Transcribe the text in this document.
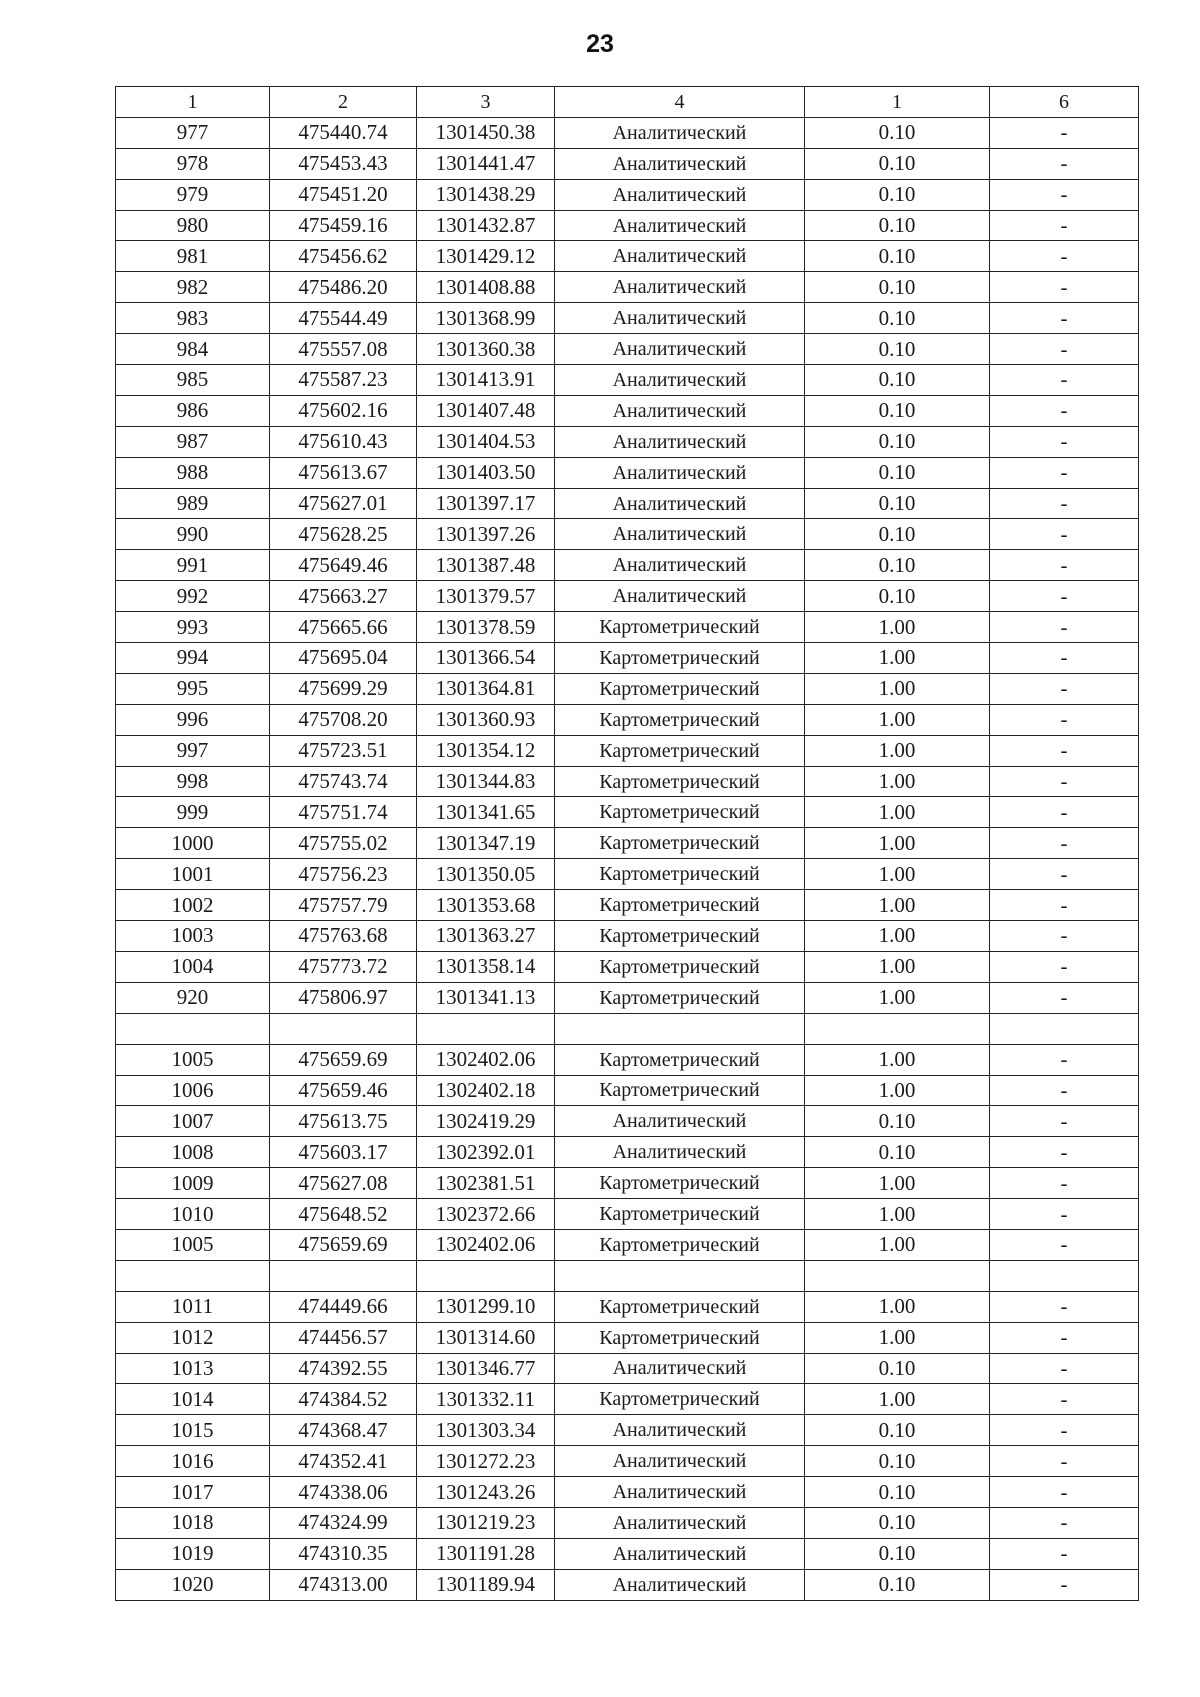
23
1	2	3	4	1	6
977	475440.74	1301450.38	Аналитический	0.10	-
978	475453.43	1301441.47	Аналитический	0.10	-
979	475451.20	1301438.29	Аналитический	0.10	-
980	475459.16	1301432.87	Аналитический	0.10	-
981	475456.62	1301429.12	Аналитический	0.10	-
982	475486.20	1301408.88	Аналитический	0.10	-
983	475544.49	1301368.99	Аналитический	0.10	-
984	475557.08	1301360.38	Аналитический	0.10	-
985	475587.23	1301413.91	Аналитический	0.10	-
986	475602.16	1301407.48	Аналитический	0.10	-
987	475610.43	1301404.53	Аналитический	0.10	-
988	475613.67	1301403.50	Аналитический	0.10	-
989	475627.01	1301397.17	Аналитический	0.10	-
990	475628.25	1301397.26	Аналитический	0.10	-
991	475649.46	1301387.48	Аналитический	0.10	-
992	475663.27	1301379.57	Аналитический	0.10	-
993	475665.66	1301378.59	Картометрический	1.00	-
994	475695.04	1301366.54	Картометрический	1.00	-
995	475699.29	1301364.81	Картометрический	1.00	-
996	475708.20	1301360.93	Картометрический	1.00	-
997	475723.51	1301354.12	Картометрический	1.00	-
998	475743.74	1301344.83	Картометрический	1.00	-
999	475751.74	1301341.65	Картометрический	1.00	-
1000	475755.02	1301347.19	Картометрический	1.00	-
1001	475756.23	1301350.05	Картометрический	1.00	-
1002	475757.79	1301353.68	Картометрический	1.00	-
1003	475763.68	1301363.27	Картометрический	1.00	-
1004	475773.72	1301358.14	Картометрический	1.00	-
920	475806.97	1301341.13	Картометрический	1.00	-

1005	475659.69	1302402.06	Картометрический	1.00	-
1006	475659.46	1302402.18	Картометрический	1.00	-
1007	475613.75	1302419.29	Аналитический	0.10	-
1008	475603.17	1302392.01	Аналитический	0.10	-
1009	475627.08	1302381.51	Картометрический	1.00	-
1010	475648.52	1302372.66	Картометрический	1.00	-
1005	475659.69	1302402.06	Картометрический	1.00	-

1011	474449.66	1301299.10	Картометрический	1.00	-
1012	474456.57	1301314.60	Картометрический	1.00	-
1013	474392.55	1301346.77	Аналитический	0.10	-
1014	474384.52	1301332.11	Картометрический	1.00	-
1015	474368.47	1301303.34	Аналитический	0.10	-
1016	474352.41	1301272.23	Аналитический	0.10	-
1017	474338.06	1301243.26	Аналитический	0.10	-
1018	474324.99	1301219.23	Аналитический	0.10	-
1019	474310.35	1301191.28	Аналитический	0.10	-
1020	474313.00	1301189.94	Аналитический	0.10	-
